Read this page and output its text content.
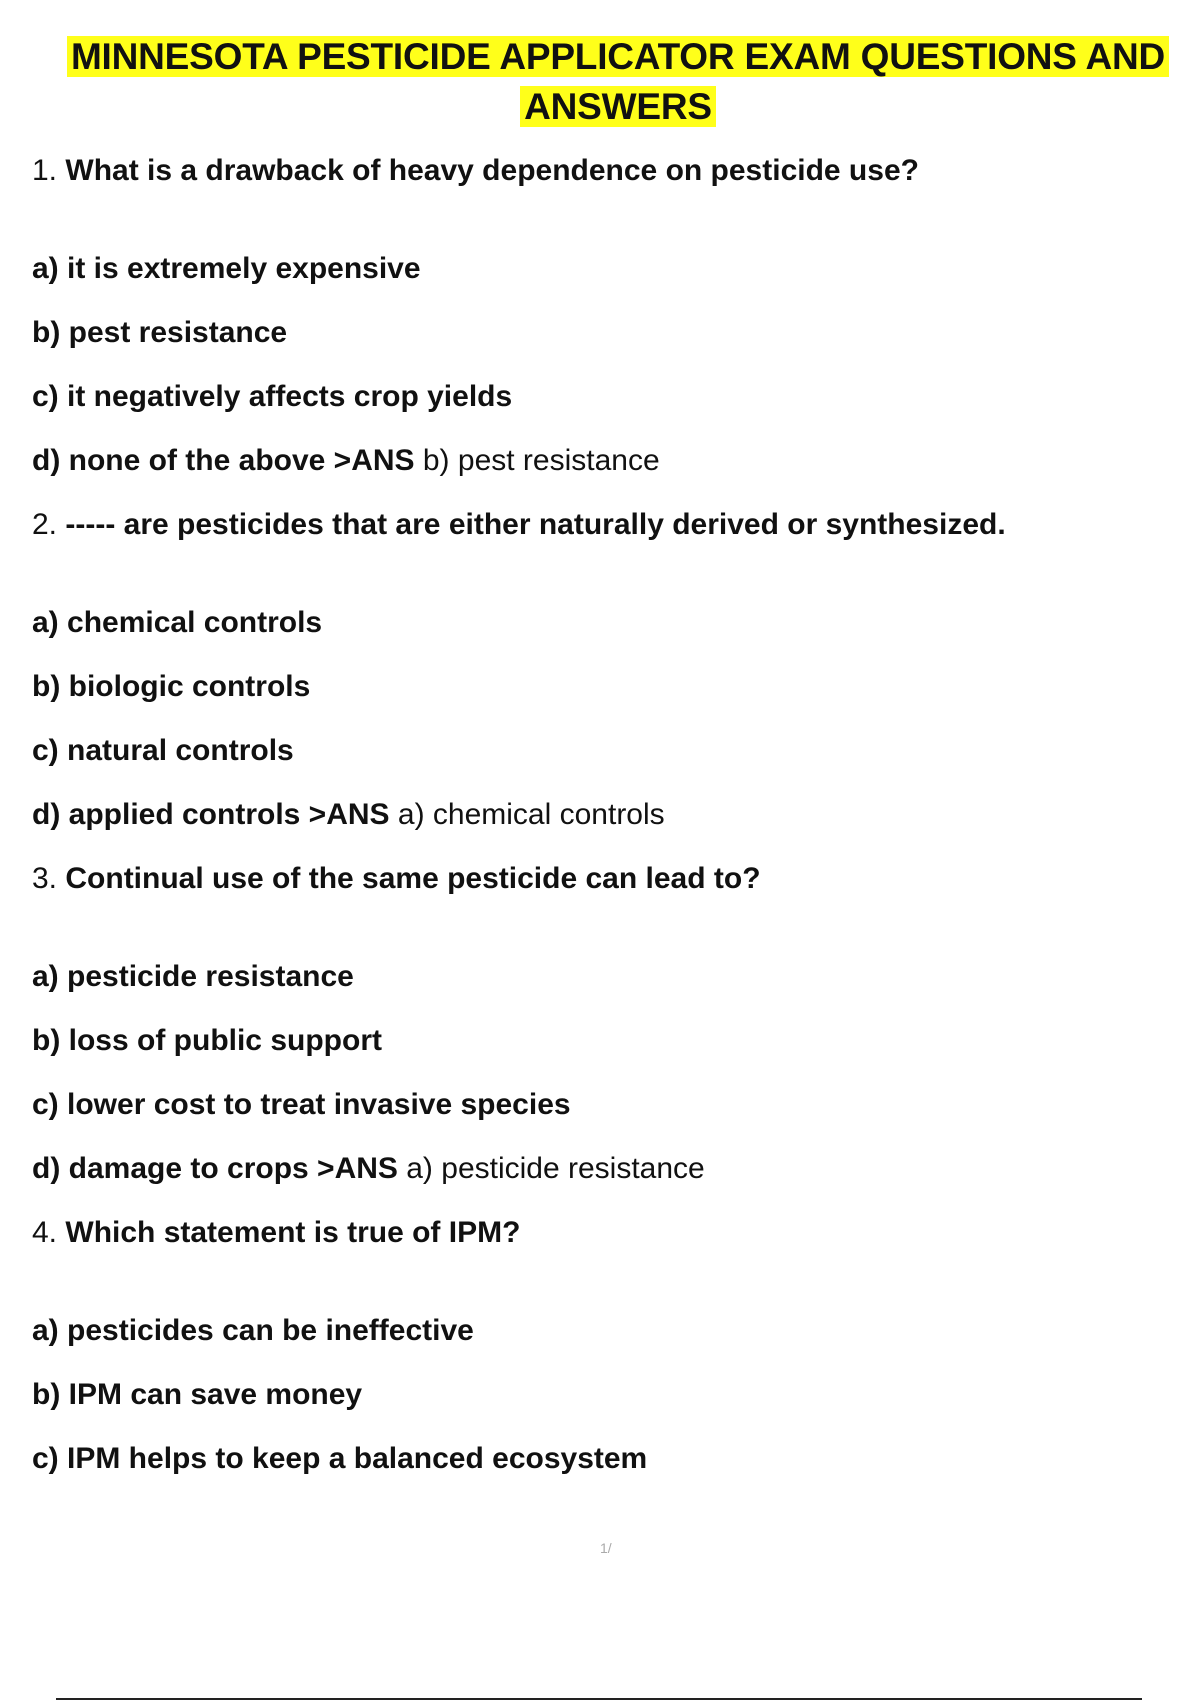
MINNESOTA PESTICIDE APPLICATOR EXAM QUESTIONS AND
ANSWERS

1. What is a drawback of heavy dependence on pesticide use?

a) it is extremely expensive

b) pest resistance

c) it negatively affects crop yields

d) none of the above >ANS b) pest resistance

2. ----- are pesticides that are either naturally derived or synthesized.

a) chemical controls

b) biologic controls

c) natural controls

d) applied controls >ANS a) chemical controls

3. Continual use of the same pesticide can lead to?

a) pesticide resistance

b) loss of public support

c) lower cost to treat invasive species

d) damage to crops >ANS a) pesticide resistance

4. Which statement is true of IPM?

a) pesticides can be ineffective

b) IPM can save money

c) IPM helps to keep a balanced ecosystem

1/
